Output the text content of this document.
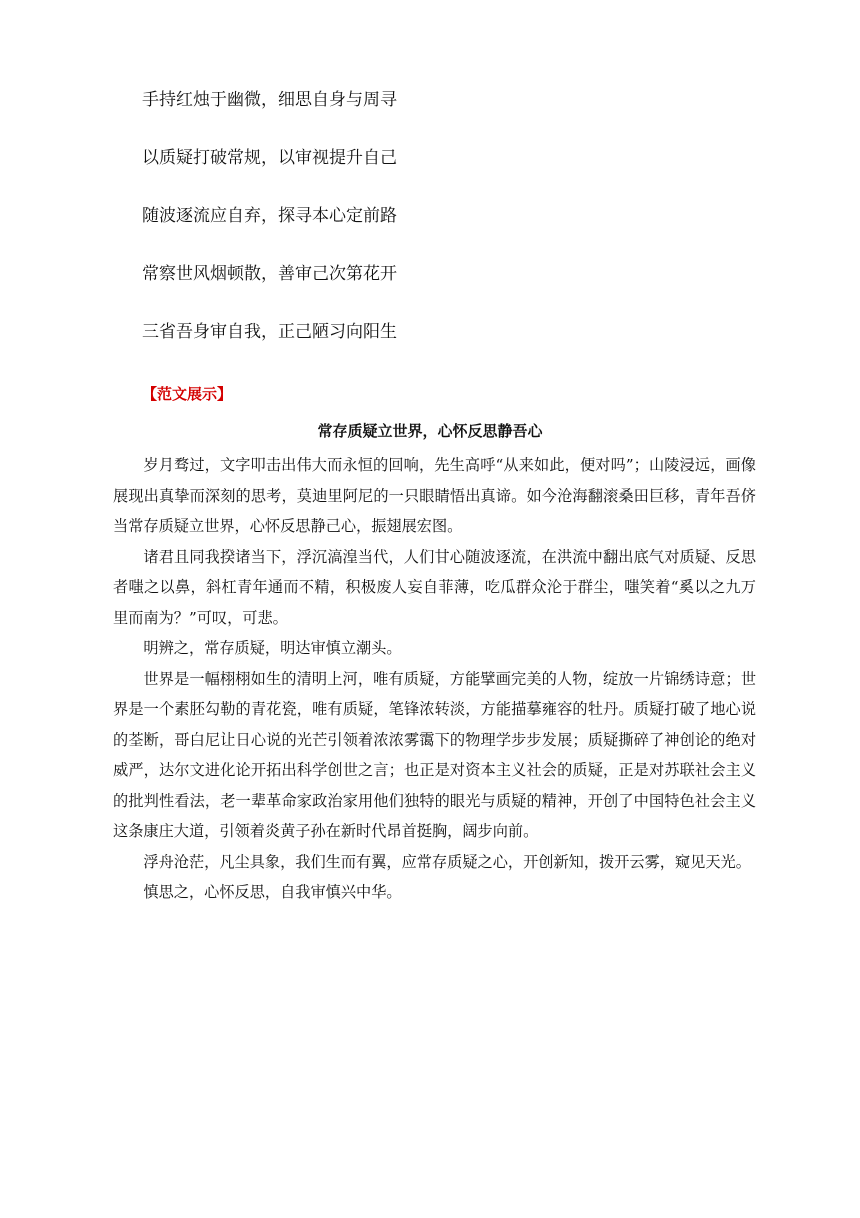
手持红烛于幽微，细思自身与周寻
以质疑打破常规，以审视提升自己
随波逐流应自弃，探寻本心定前路
常察世风烟顿散，善审己次第花开
三省吾身审自我，正己陋习向阳生
【范文展示】
常存质疑立世界，心怀反思静吾心

岁月骛过，文字叩击出伟大而永恒的回响，先生高呼“从来如此，便对吗”；山陵浸远，画像展现出真挚而深刻的思考，莫迪里阿尼的一只眼睛悟出真谛。如今沧海翻滚桑田巨移，青年吾侪当常存质疑立世界，心怀反思静己心，振翅展宏图。

诸君且同我揆诸当下，浮沉滈湟当代，人们甘心随波逐流，在洪流中翻出底气对质疑、反思者嗤之以鼻，斜杠青年通而不精，积极废人妄自菲薄，吃瓜群众沦于群尘，嗤笑着“奚以之九万里而南为？”可叹，可悲。

明辨之，常存质疑，明达审慎立潮头。

世界是一幅栩栩如生的清明上河，唯有质疑，方能擘画完美的人物，绽放一片锦绣诗意；世界是一个素胚勾勒的青花瓷，唯有质疑，笔锋浓转淡，方能描摹雍容的牡丹。质疑打破了地心说的荃断，哥白尼让日心说的光芒引领着浓浓雾霭下的物理学步步发展；质疑撕碎了神创论的绝对威严，达尔文进化论开拓出科学创世之言；也正是对资本主义社会的质疑，正是对苏联社会主义的批判性看法，老一辈革命家政治家用他们独特的眼光与质疑的精神，开创了中国特色社会主义这条康庄大道，引领着炎黄子孙在新时代昂首挺胸，阔步向前。

浮舟沧茫，凡尘具象，我们生而有翼，应常存质疑之心，开创新知，拨开云雾，窥见天光。

慎思之，心怀反思，自我审慎兴中华。
